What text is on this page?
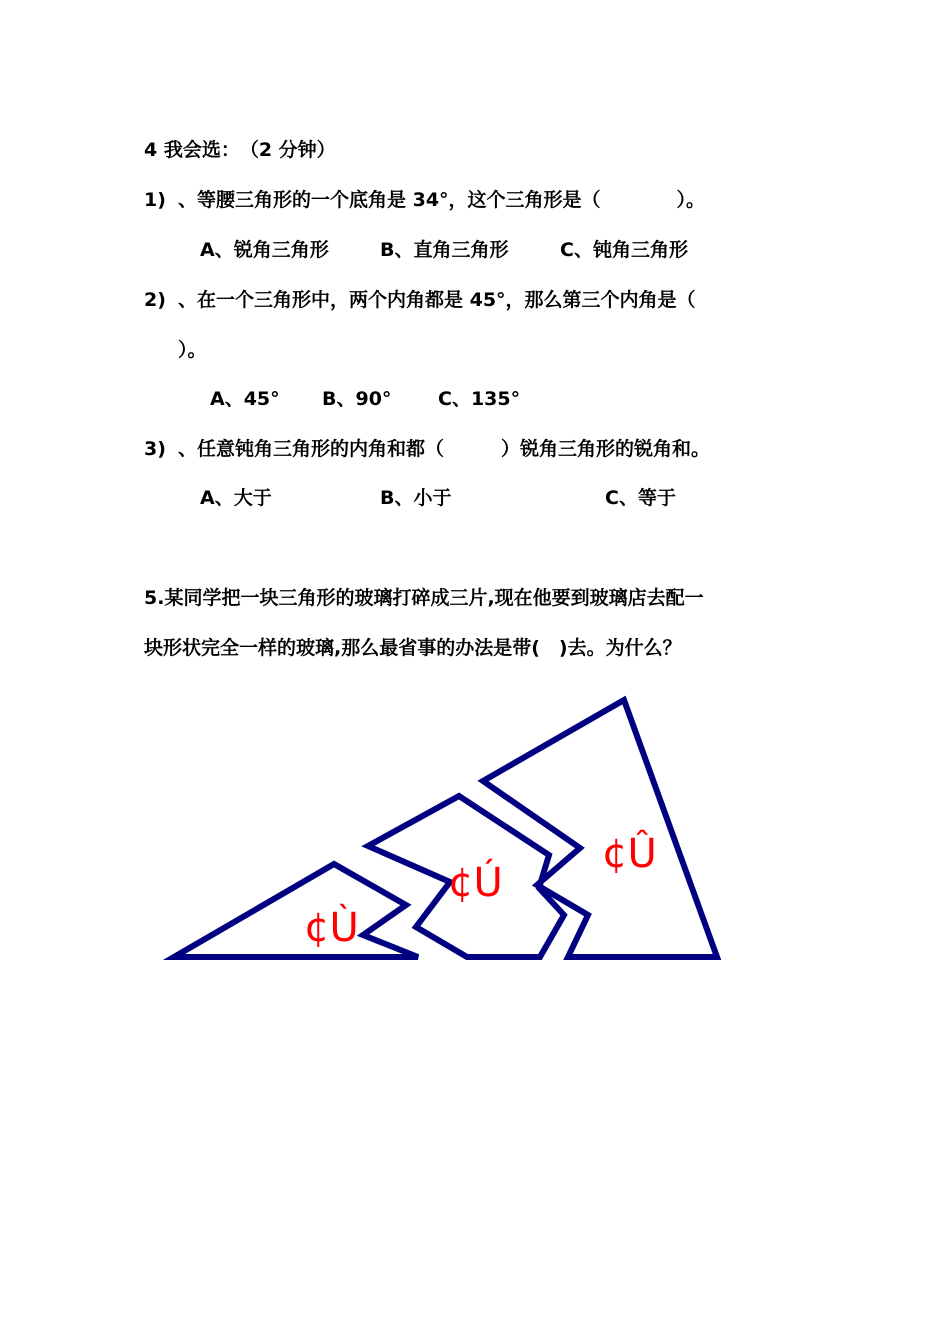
4 我会选：　（2 分钟）
1) 、等腰三角形的一个底角是 34°，这个三角形是（　　　　）。
A、锐角三角形	B、直角三角形	C、钝角三角形
2) 、在一个三角形中，两个内角都是 45°，那么第三个内角是（
）。
A、45° B、90° C、135°
3) 、任意钝角三角形的内角和都（　　　）锐角三角形的锐角和。
A、大于	B、小于	C、等于
5.某同学把一块三角形的玻璃打碎成三片,现在他要到玻璃店去配一
块形状完全一样的玻璃,那么最省事的办法是带(　)去。为什么？
¢Ù
¢Ú
¢Û
